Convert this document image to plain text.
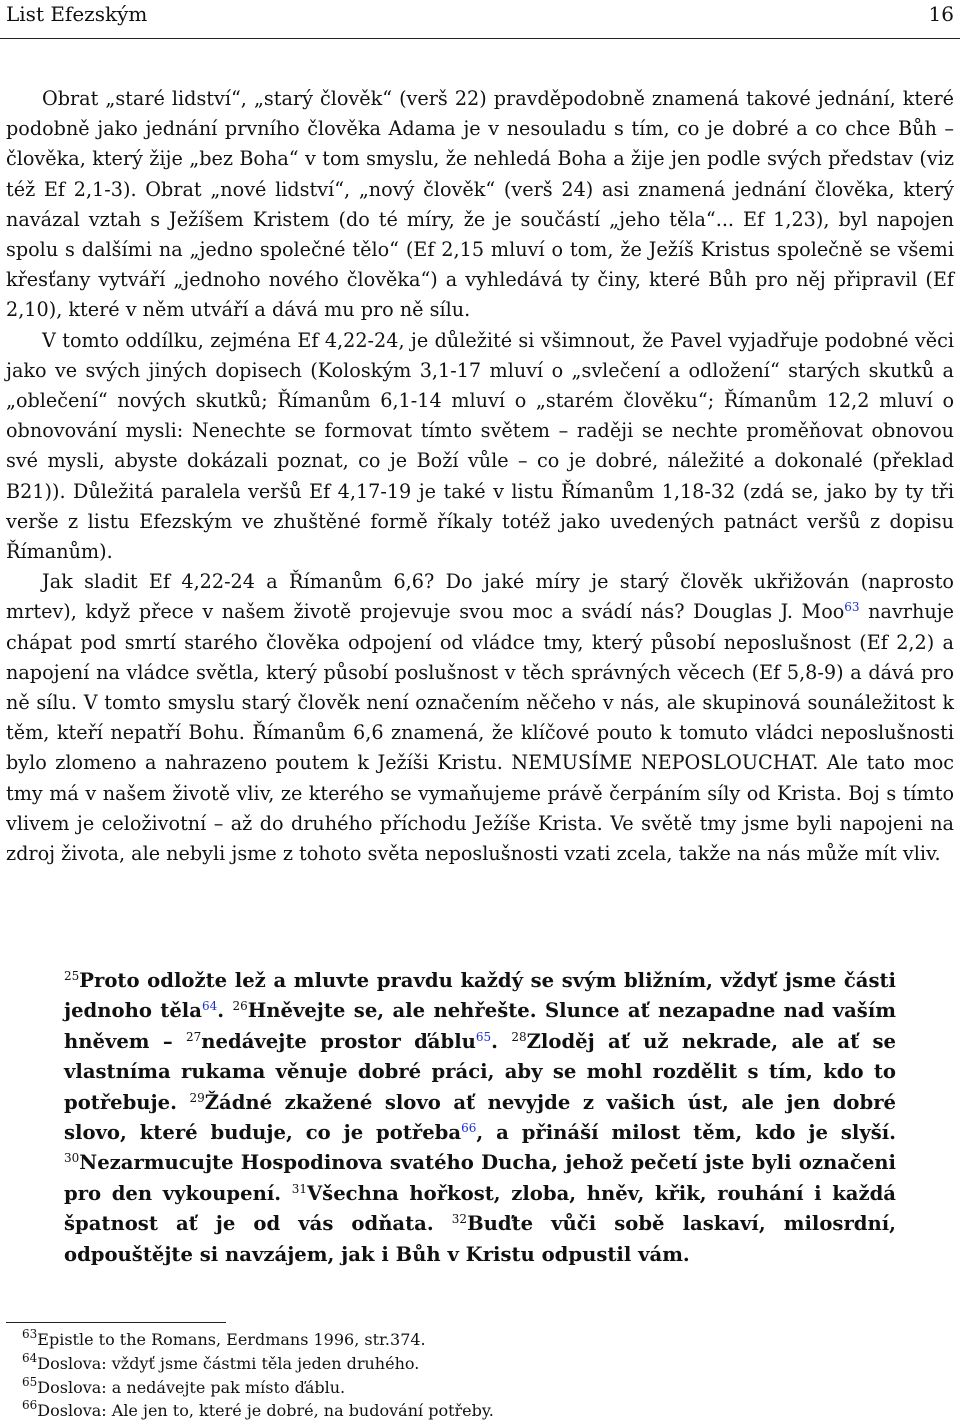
List Efezským	16

Obrat „staré lidství“, „starý člověk“ (verš 22) pravděpodobně znamená takové jednání, které podobně jako jednání prvního člověka Adama je v nesouladu s tím, co je dobré a co chce Bůh – člověka, který žije „bez Boha“ v tom smyslu, že nehledá Boha a žije jen podle svých představ (viz též Ef 2,1-3). Obrat „nové lidství“, „nový člověk“ (verš 24) asi znamená jednání člověka, který navázal vztah s Ježíšem Kristem (do té míry, že je součástí „jeho těla“... Ef 1,23), byl napojen spolu s dalšími na „jedno společné tělo“ (Ef 2,15 mluví o tom, že Ježíš Kristus společně se všemi křesťany vytváří „jednoho nového člověka“) a vyhledává ty činy, které Bůh pro něj připravil (Ef 2,10), které v něm utváří a dává mu pro ně sílu.

V tomto oddílku, zejména Ef 4,22-24, je důležité si všimnout, že Pavel vyjadřuje podobné věci jako ve svých jiných dopisech (Koloským 3,1-17 mluví o „svlečení a odložení“ starých skutků a „oblečení“ nových skutků; Římanům 6,1-14 mluví o „starém člověku“; Římanům 12,2 mluví o obnovování mysli: Nenechte se formovat tímto světem – raději se nechte proměňovat obnovou své mysli, abyste dokázali poznat, co je Boží vůle – co je dobré, náležité a dokonalé (překlad B21)). Důležitá paralela veršů Ef 4,17-19 je také v listu Římanům 1,18-32 (zdá se, jako by ty tři verše z listu Efezským ve zhuštěné formě říkaly totéž jako uvedených patnáct veršů z dopisu Římanům).

Jak sladit Ef 4,22-24 a Římanům 6,6? Do jaké míry je starý člověk ukřižován (naprosto mrtev), když přece v našem životě projevuje svou moc a svádí nás? Douglas J. Moo$^{63}$ navrhuje chápat pod smrtí starého člověka odpojení od vládce tmy, který působí neposlušnost (Ef 2,2) a napojení na vládce světla, který působí poslušnost v těch správných věcech (Ef 5,8-9) a dává pro ně sílu. V tomto smyslu starý člověk není označením něčeho v nás, ale skupinová sounáležitost k těm, kteří nepatří Bohu. Římanům 6,6 znamená, že klíčové pouto k tomuto vládci neposlušnosti bylo zlomeno a nahrazeno poutem k Ježíši Kristu. NEMUSÍME NEPOSLOUCHAT. Ale tato moc tmy má v našem životě vliv, ze kterého se vymaňujeme právě čerpáním síly od Krista. Boj s tímto vlivem je celoživotní – až do druhého příchodu Ježíše Krista. Ve světě tmy jsme byli napojeni na zdroj života, ale nebyli jsme z tohoto světa neposlušnosti vzati zcela, takže na nás může mít vliv.

$^{25}$Proto odložte lež a mluvte pravdu každý se svým bližním, vždyť jsme části jednoho těla$^{64}$. $^{26}$Hněvejte se, ale nehřešte. Slunce ať nezapadne nad vaším hněvem – $^{27}$nedávejte prostor ďáblu$^{65}$. $^{28}$Zloděj ať už nekrade, ale ať se vlastníma rukama věnuje dobré práci, aby se mohl rozdělit s tím, kdo to potřebuje. $^{29}$Žádné zkažené slovo ať nevyjde z vašich úst, ale jen dobré slovo, které buduje, co je potřeba$^{66}$, a přináší milost těm, kdo je slyší. $^{30}$Nezarmucujte Hospodinova svatého Ducha, jehož pečetí jste byli označeni pro den vykoupení. $^{31}$Všechna hořkost, zloba, hněv, křik, rouhání i každá špatnost ať je od vás odňata. $^{32}$Buďte vůči sobě laskaví, milosrdní, odpouštějte si navzájem, jak i Bůh v Kristu odpustil vám.
$^{63}$Epistle to the Romans, Eerdmans 1996, str.374.
$^{64}$Doslova: vždyť jsme částmi těla jeden druhého.
$^{65}$Doslova: a nedávejte pak místo ďáblu.
$^{66}$Doslova: Ale jen to, které je dobré, na budování potřeby.
